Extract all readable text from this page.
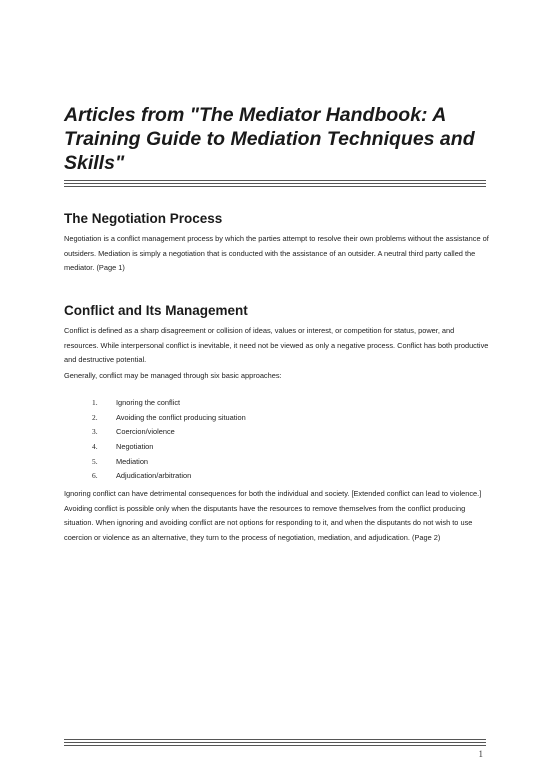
Articles from "The Mediator Handbook: A Training Guide to Mediation Techniques and Skills"
The Negotiation Process

Negotiation is a conflict management process by which the parties attempt to resolve their own problems without the assistance of outsiders. Mediation is simply a negotiation that is conducted with the assistance of an outsider. A neutral third party called the mediator. (Page 1)

Conflict and Its Management

Conflict is defined as a sharp disagreement or collision of ideas, values or interest, or competition for status, power, and resources. While interpersonal conflict is inevitable, it need not be viewed as only a negative process. Conflict has both productive and destructive potential.

Generally, conflict may be managed through six basic approaches:

1. Ignoring the conflict
2. Avoiding the conflict producing situation
3. Coercion/violence
4. Negotiation
5. Mediation
6. Adjudication/arbitration

Ignoring conflict can have detrimental consequences for both the individual and society. [Extended conflict can lead to violence.] Avoiding conflict is possible only when the disputants have the resources to remove themselves from the conflict producing situation. When ignoring and avoiding conflict are not options for responding to it, and when the disputants do not wish to use coercion or violence as an alternative, they turn to the process of negotiation, mediation, and adjudication. (Page 2)

1
